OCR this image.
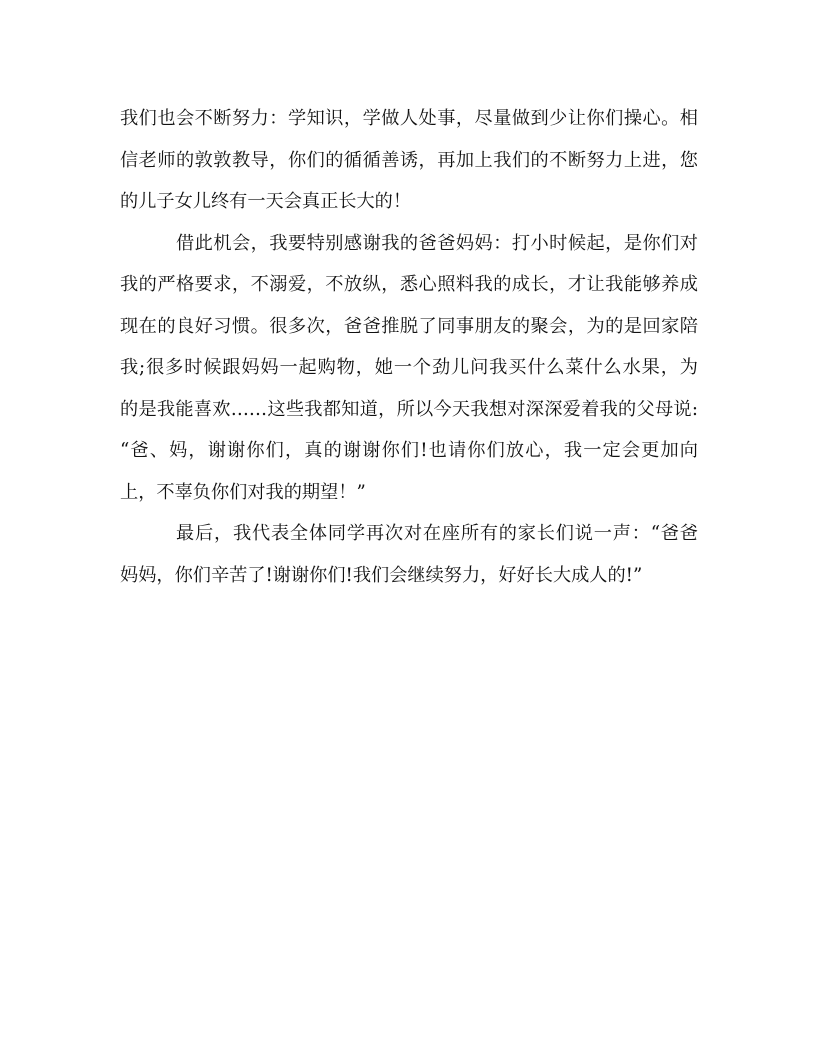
我们也会不断努力：学知识，学做人处事，尽量做到少让你们操心。相
信老师的敦敦教导，你们的循循善诱，再加上我们的不断努力上进，您
的儿子女儿终有一天会真正长大的！
借此机会，我要特别感谢我的爸爸妈妈：打小时候起，是你们对
我的严格要求，不溺爱，不放纵，悉心照料我的成长，才让我能够养成
现在的良好习惯。很多次，爸爸推脱了同事朋友的聚会，为的是回家陪
我;很多时候跟妈妈一起购物，她一个劲儿问我买什么菜什么水果，为
的是我能喜欢……这些我都知道，所以今天我想对深深爱着我的父母说:
“爸、妈，谢谢你们，真的谢谢你们!也请你们放心，我一定会更加向
上，不辜负你们对我的期望！”
最后，我代表全体同学再次对在座所有的家长们说一声：“爸爸
妈妈，你们辛苦了!谢谢你们!我们会继续努力，好好长大成人的!”
